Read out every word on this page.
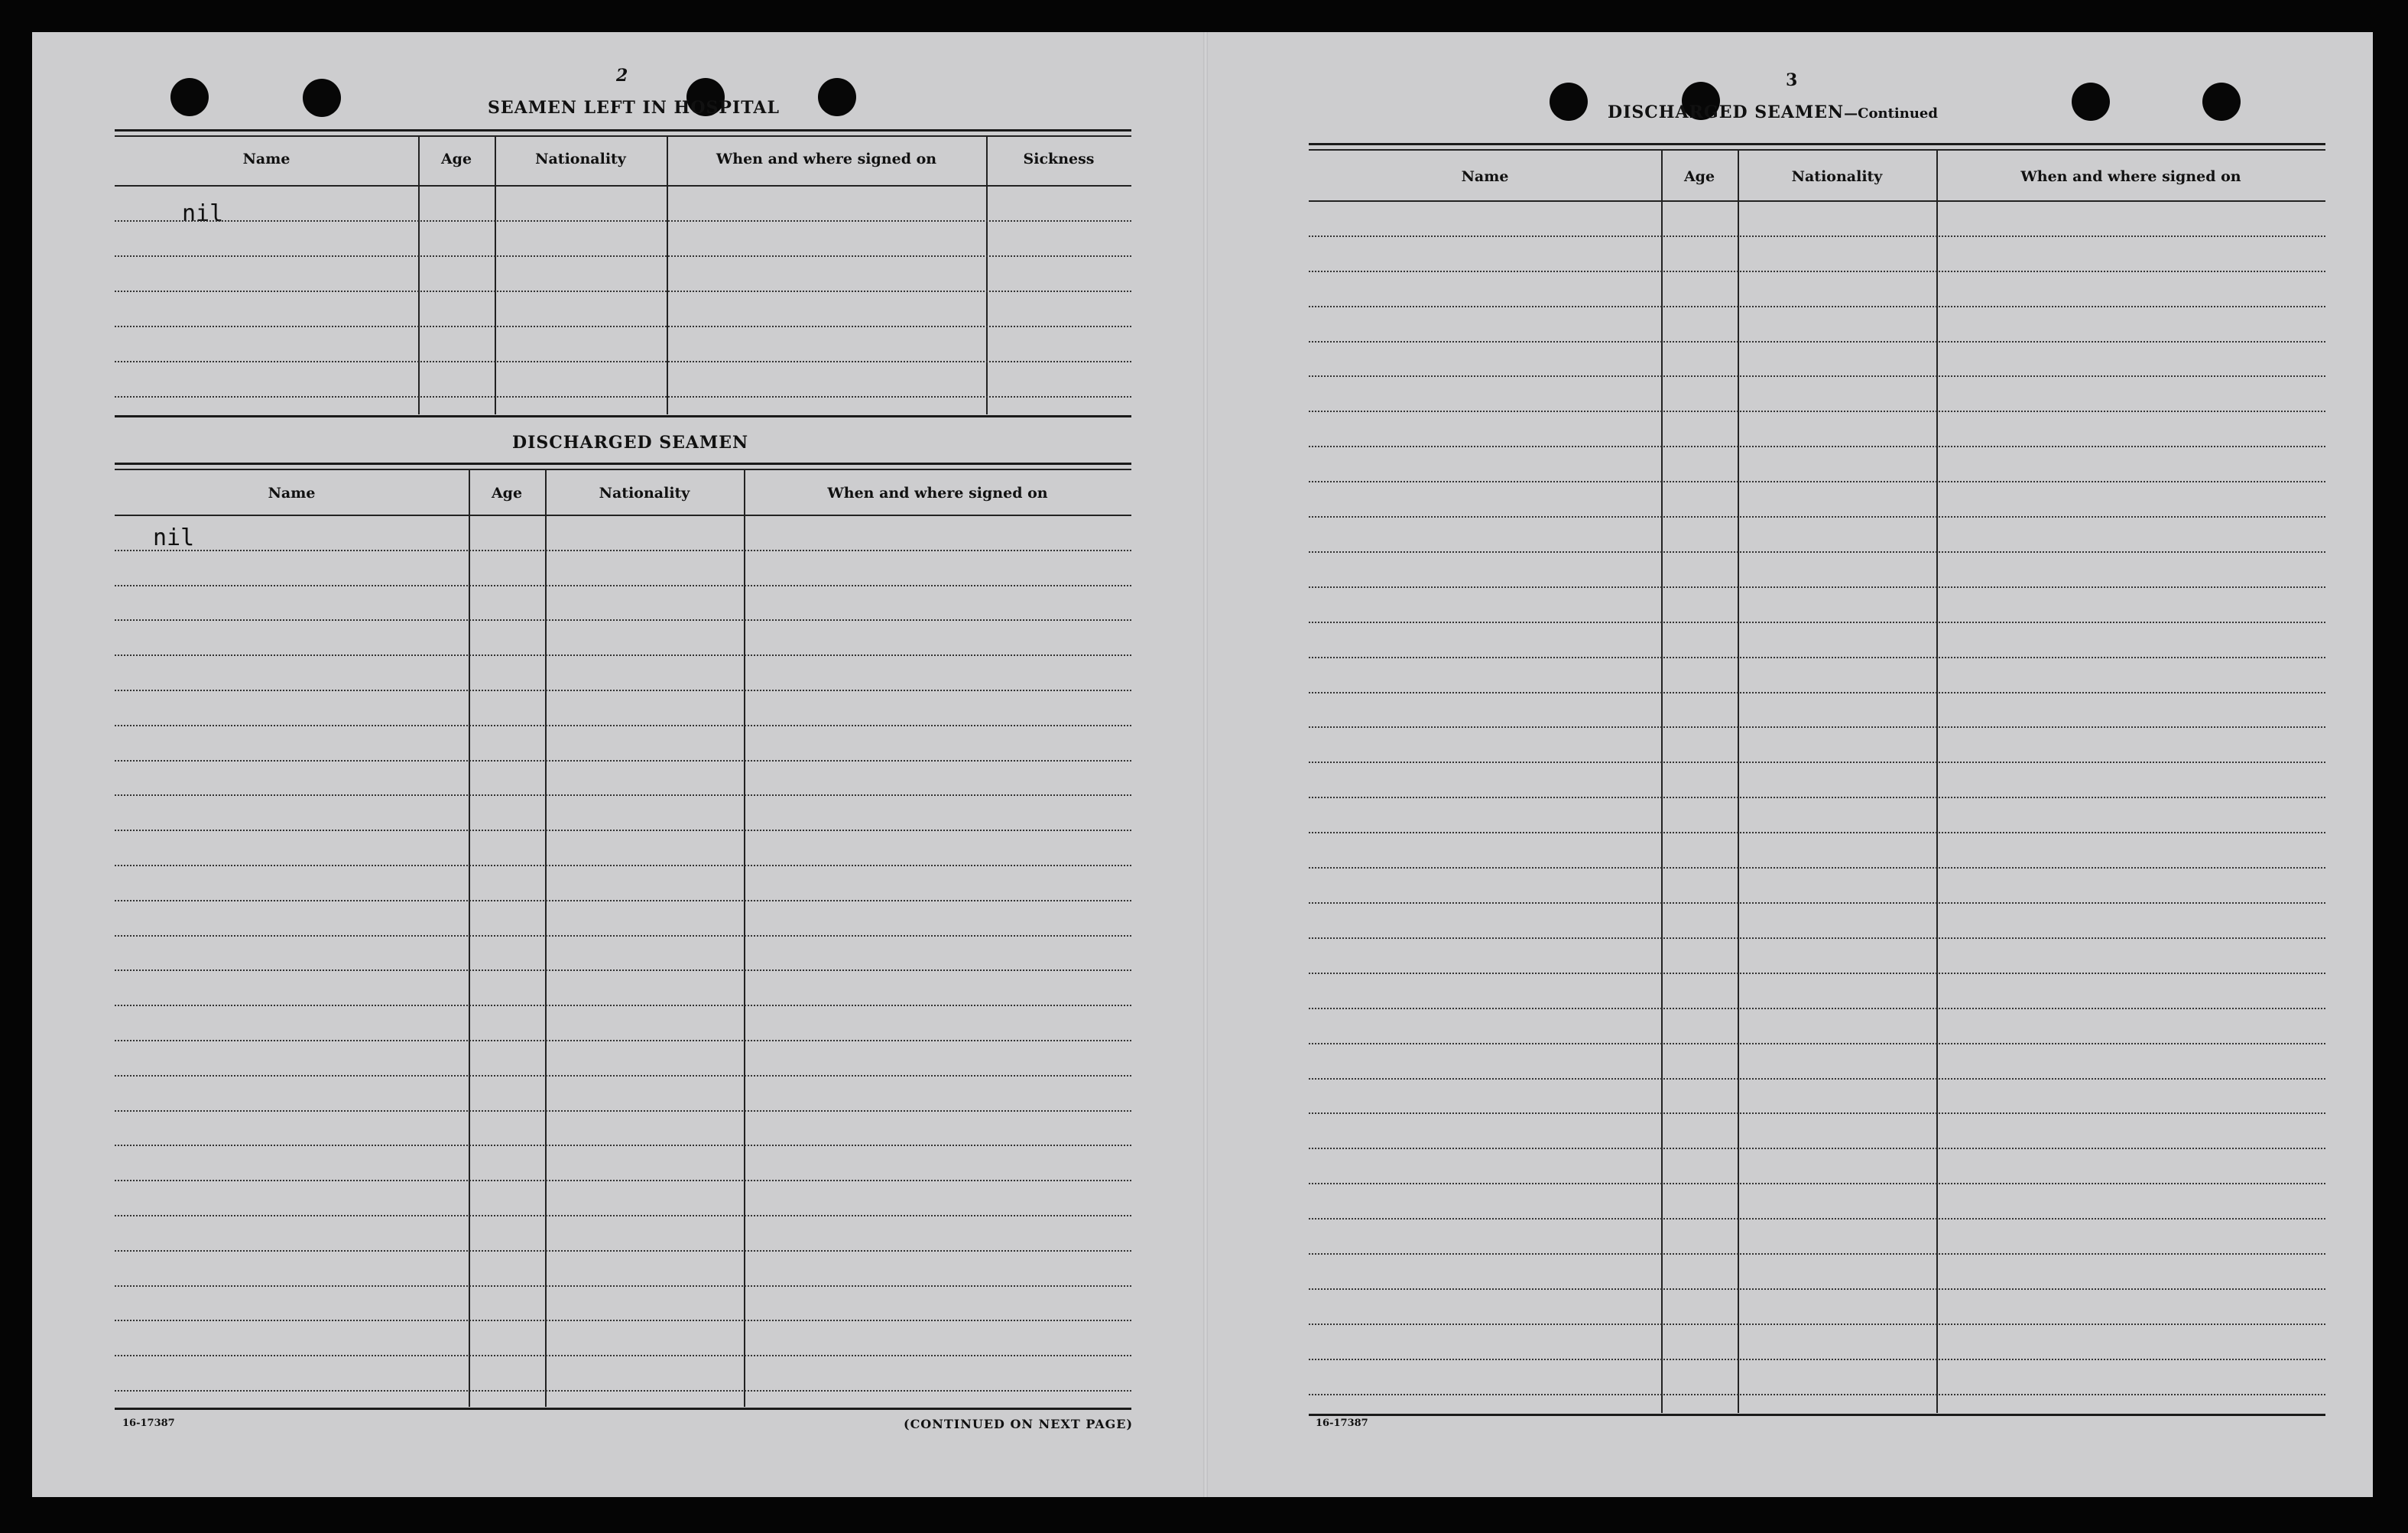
2
SEAMEN LEFT IN HOSPITAL
nil
DISCHARGED SEAMEN
nil
16-17387	(CONTINUED ON NEXT PAGE)
Name	Age	Nationality	When and where signed on	Sickness
Name	Age	Nationality	When and where signed on
3
DISCHARGED SEAMEN—Continued
16-17387
Name	Age	Nationality	When and where signed on
